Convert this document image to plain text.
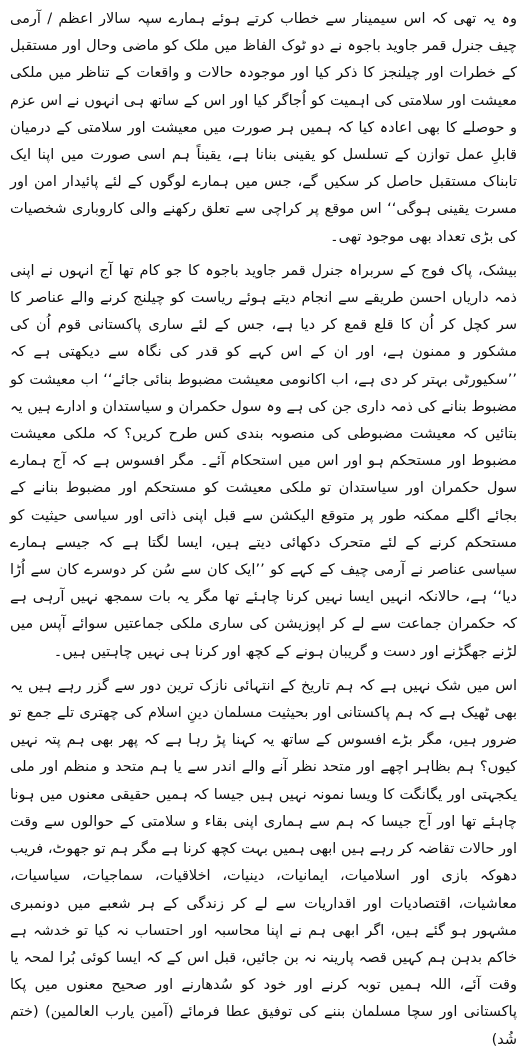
وہ یہ تھی کہ اس سیمینار سے خطاب کرتے ہوئے ہمارے سپہ سالار اعظم / آرمی چیف جنرل قمر جاوید باجوہ نے دو ٹوک الفاظ میں ملک کو ماضی وحال اور مستقبل کے خطرات اور چیلنجز کا ذکر کیا اور موجودہ حالات و واقعات کے تناظر میں ملکی معیشت اور سلامتی کی اہمیت کو اُجاگر کیا اور اس کے ساتھ ہی انہوں نے اس عزم و حوصلے کا بھی اعادہ کیا کہ ہمیں ہر صورت میں معیشت اور سلامتی کے درمیان قابلِ عمل توازن کے تسلسل کو یقینی بنانا ہے، یقیناً ہم اسی صورت میں اپنا ایک تابناک مستقبل حاصل کر سکیں گے، جس میں ہمارے لوگوں کے لئے پائیدار امن اور مسرت یقینی ہوگی‘‘ اس موقع پر کراچی سے تعلق رکھنے والی کاروباری شخصیات کی بڑی تعداد بھی موجود تھی۔

بیشک، پاک فوج کے سربراہ جنرل قمر جاوید باجوہ کا جو کام تھا آج انہوں نے اپنی ذمہ داریاں احسن طریقے سے انجام دیتے ہوئے ریاست کو چیلنج کرنے والے عناصر کا سر کچل کر اُن کا قلع قمع کر دیا ہے، جس کے لئے ساری پاکستانی قوم اُن کی مشکور و ممنون ہے، اور ان کے اس کہے کو قدر کی نگاہ سے دیکھتی ہے کہ ’’سکیورٹی بہتر کر دی ہے، اب اکانومی معیشت مضبوط بنائی جائے‘‘ اب معیشت کو مضبوط بنانے کی ذمہ داری جن کی ہے وہ سول حکمران و سیاستدان و ادارے ہیں یہ بتائیں کہ معیشت مضبوطی کی منصوبہ بندی کس طرح کریں؟ کہ ملکی معیشت مضبوط اور مستحکم ہو اور اس میں استحکام آئے۔ مگر افسوس ہے کہ آج ہمارے سول حکمران اور سیاستدان تو ملکی معیشت کو مستحکم اور مضبوط بنانے کے بجائے اگلے ممکنہ طور پر متوقع الیکشن سے قبل اپنی ذاتی اور سیاسی حیثیت کو مستحکم کرنے کے لئے متحرک دکھائی دیتے ہیں، ایسا لگتا ہے کہ جیسے ہمارے سیاسی عناصر نے آرمی چیف کے کہے کو ’’ایک کان سے سُن کر دوسرے کان سے اُڑا دیا‘‘ ہے، حالانکہ انہیں ایسا نہیں کرنا چاہئے تھا مگر یہ بات سمجھ نہیں آرہی ہے کہ حکمران جماعت سے لے کر اپوزیشن کی ساری ملکی جماعتیں سوائے آپس میں لڑنے جھگڑنے اور دست و گریبان ہونے کے کچھ اور کرنا ہی نہیں چاہتیں ہیں۔

اس میں شک نہیں ہے کہ ہم تاریخ کے انتہائی نازک ترین دور سے گزر رہے ہیں یہ بھی ٹھیک ہے کہ ہم پاکستانی اور بحیثیت مسلمان دینِ اسلام کی چھتری تلے جمع تو ضرور ہیں، مگر بڑے افسوس کے ساتھ یہ کہنا پڑ رہا ہے کہ پھر بھی ہم پتہ نہیں کیوں؟ ہم بظاہر اچھے اور متحد نظر آنے والے اندر سے یا ہم متحد و منظم اور ملی یکجہتی اور یگانگت کا ویسا نمونہ نہیں ہیں جیسا کہ ہمیں حقیقی معنوں میں ہونا چاہئے تھا اور آج جیسا کہ ہم سے ہماری اپنی بقاء و سلامتی کے حوالوں سے وقت اور حالات تقاضہ کر رہے ہیں ابھی ہمیں بہت کچھ کرنا ہے مگر ہم تو جھوٹ، فریب دھوکہ بازی اور اسلامیات، ایمانیات، دینیات، اخلاقیات، سماجیات، سیاسیات، معاشیات، اقتصادیات اور اقداریات سے لے کر زندگی کے ہر شعبے میں دونمبری مشہور ہو گئے ہیں، اگر ابھی ہم نے اپنا محاسبہ اور احتساب نہ کیا تو خدشہ ہے خاکم بدہن ہم کہیں قصہ پارینہ نہ بن جائیں، قبل اس کے کہ ایسا کوئی بُرا لمحہ یا وقت آئے، اللہ ہمیں توبہ کرنے اور خود کو سُدھارنے اور صحیح معنوں میں پکا پاکستانی اور سچا مسلمان بننے کی توفیق عطا فرمائے (آمین یارب العالمین) (ختم شُد)
